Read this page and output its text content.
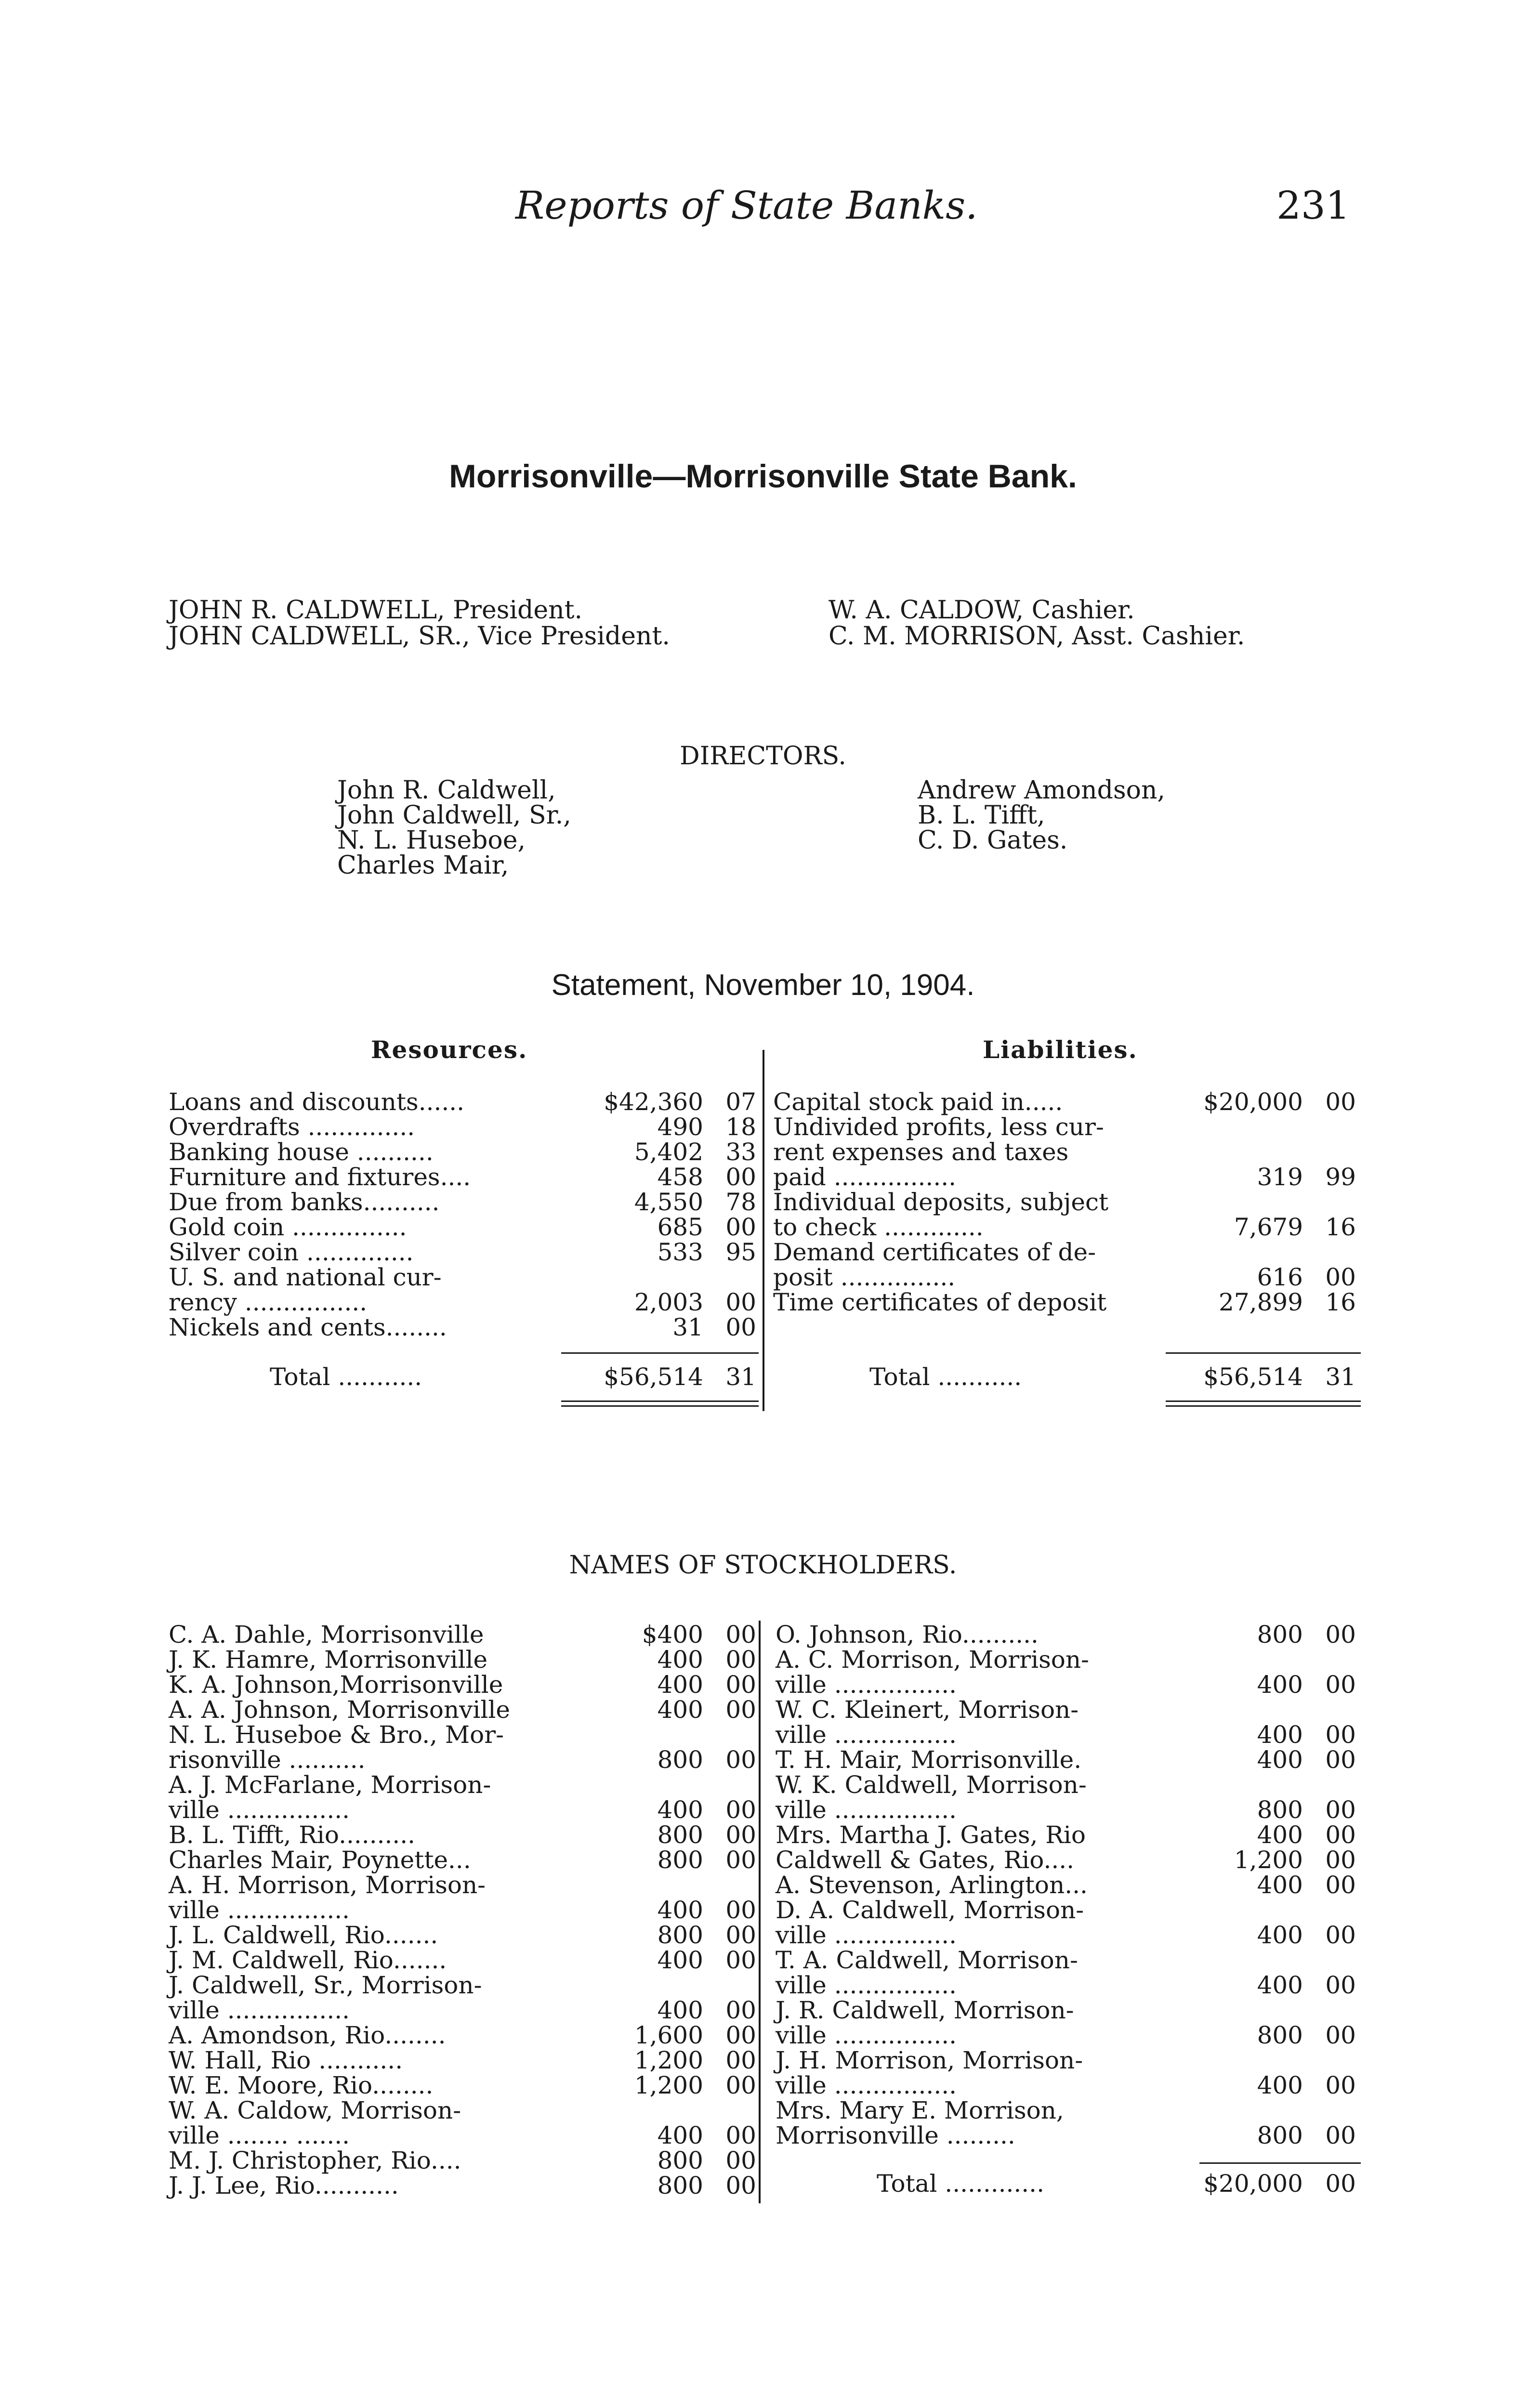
Reports of State Banks.	231
Morrisonville—Morrisonville State Bank.
JOHN R. CALDWELL, President.
JOHN CALDWELL, SR., Vice President.
W. A. CALDOW, Cashier.
C. M. MORRISON, Asst. Cashier.
DIRECTORS.
John R. Caldwell,
John Caldwell, Sr.,
N. L. Huseboe,
Charles Mair,
Andrew Amondson,
B. L. Tifft,
C. D. Gates.
Statement, November 10, 1904.
Resources.	Liabilities.
Loans and discounts......	$42,360 07
Overdrafts ..............	490 18
Banking house ..........	5,402 33
Furniture and fixtures....	458 00
Due from banks..........	4,550 78
Gold coin ...............	685 00
Silver coin ..............	533 95
U. S. and national cur-
rency ................	2,003 00
Nickels and cents........	31 00
Capital stock paid in.....	$20,000 00
Undivided profits, less cur-
rent expenses and taxes
paid ................	319 99
Individual deposits, subject
to check .............	7,679 16
Demand certificates of de-
posit ...............	616 00
Time certificates of deposit	27,899 16
Total ...........	$56,514 31	Total ...........	$56,514 31
NAMES OF STOCKHOLDERS.
C. A. Dahle, Morrisonville	$400 00
J. K. Hamre, Morrisonville	400 00
K. A. Johnson,Morrisonville	400 00
A. A. Johnson, Morrisonville	400 00
N. L. Huseboe & Bro., Mor-
risonville ..........	800 00
A. J. McFarlane, Morrison-
ville ................	400 00
B. L. Tifft, Rio..........	800 00
Charles Mair, Poynette...	800 00
A. H. Morrison, Morrison-
ville ................	400 00
J. L. Caldwell, Rio.......	800 00
J. M. Caldwell, Rio.......	400 00
J. Caldwell, Sr., Morrison-
ville ................	400 00
A. Amondson, Rio........	1,600 00
W. Hall, Rio ...........	1,200 00
W. E. Moore, Rio........	1,200 00
W. A. Caldow, Morrison-
ville ........ .......	400 00
M. J. Christopher, Rio....	800 00
J. J. Lee, Rio...........	800 00
O. Johnson, Rio..........	800 00
A. C. Morrison, Morrison-
ville ................	400 00
W. C. Kleinert, Morrison-
ville ................	400 00
T. H. Mair, Morrisonville.	400 00
W. K. Caldwell, Morrison-
ville ................	800 00
Mrs. Martha J. Gates, Rio	400 00
Caldwell & Gates, Rio....	1,200 00
A. Stevenson, Arlington...	400 00
D. A. Caldwell, Morrison-
ville ................	400 00
T. A. Caldwell, Morrison-
ville ................	400 00
J. R. Caldwell, Morrison-
ville ................	800 00
J. H. Morrison, Morrison-
ville ................	400 00
Mrs. Mary E. Morrison,
Morrisonville .........	800 00
Total .............	$20,000 00
